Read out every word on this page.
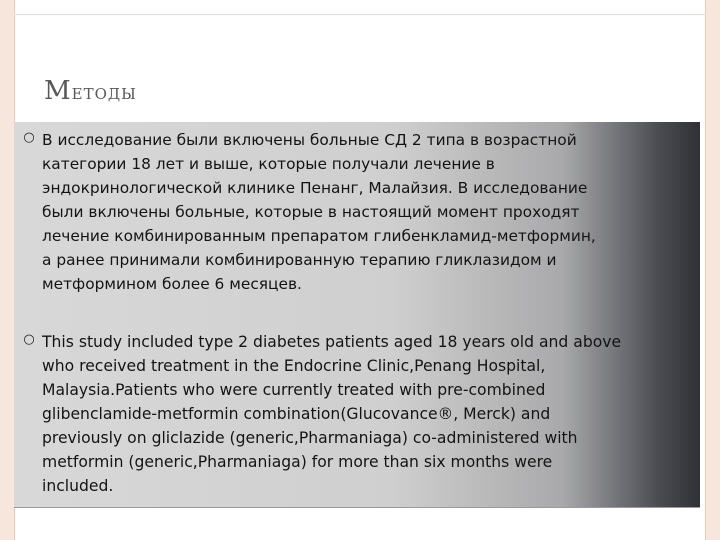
Методы
○ В исследование были включены больные СД 2 типа в возрастной
категории 18 лет и выше, которые получали лечение в
эндокринологической клинике Пенанг, Малайзия. В исследование
были включены больные, которые в настоящий момент проходят
лечение комбинированным препаратом глибенкламид-метформин,
а ранее принимали комбинированную терапию гликлазидом и
метформином более 6 месяцев.

○ This study included type 2 diabetes patients aged 18 years old and above
who received treatment in the Endocrine Clinic,Penang Hospital,
Malaysia.Patients who were currently treated with pre-combined
glibenclamide-metformin combination(Glucovance®, Merck) and
previously on gliclazide (generic,Pharmaniaga) co-administered with
metformin (generic,Pharmaniaga) for more than six months were
included.
